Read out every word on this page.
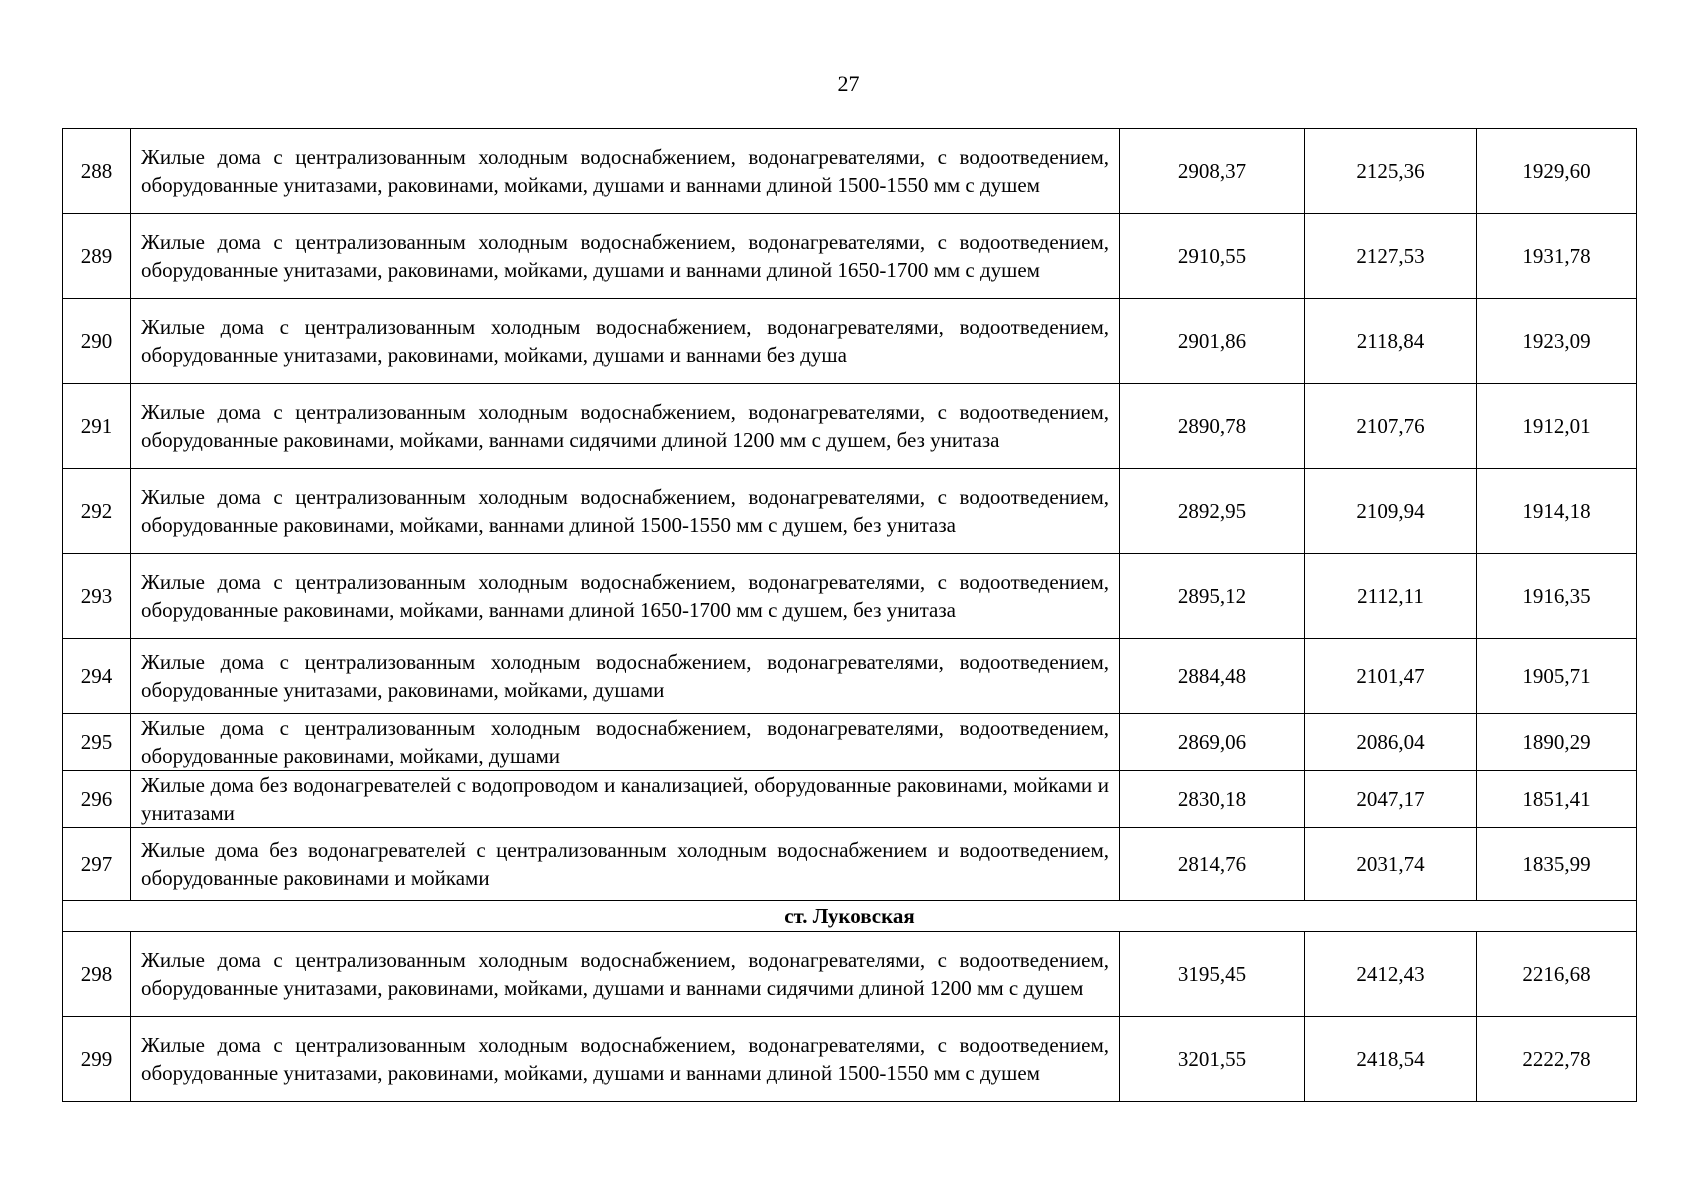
27
288	Жилые дома с централизованным холодным водоснабжением, водонагревателями, с водоотведением, оборудованные унитазами, раковинами, мойками, душами и ваннами длиной 1500-1550 мм с душем	2908,37	2125,36	1929,60
289	Жилые дома с централизованным холодным водоснабжением, водонагревателями, с водоотведением, оборудованные унитазами, раковинами, мойками, душами и ваннами длиной 1650-1700 мм с душем	2910,55	2127,53	1931,78
290	Жилые дома с централизованным холодным водоснабжением, водонагревателями, водоотведением, оборудованные унитазами, раковинами, мойками, душами и ваннами без душа	2901,86	2118,84	1923,09
291	Жилые дома с централизованным холодным водоснабжением, водонагревателями, с водоотведением, оборудованные раковинами, мойками, ваннами сидячими длиной 1200 мм с душем, без унитаза	2890,78	2107,76	1912,01
292	Жилые дома с централизованным холодным водоснабжением, водонагревателями, с водоотведением, оборудованные раковинами, мойками, ваннами длиной 1500-1550 мм с душем, без унитаза	2892,95	2109,94	1914,18
293	Жилые дома с централизованным холодным водоснабжением, водонагревателями, с водоотведением, оборудованные раковинами, мойками, ваннами длиной 1650-1700 мм с душем, без унитаза	2895,12	2112,11	1916,35
294	Жилые дома с централизованным холодным водоснабжением, водонагревателями, водоотведением, оборудованные унитазами, раковинами, мойками, душами	2884,48	2101,47	1905,71
295	Жилые дома с централизованным холодным водоснабжением, водонагревателями, водоотведением, оборудованные раковинами, мойками, душами	2869,06	2086,04	1890,29
296	Жилые дома без водонагревателей с водопроводом и канализацией, оборудованные раковинами, мойками и унитазами	2830,18	2047,17	1851,41
297	Жилые дома без водонагревателей с централизованным холодным водоснабжением и водоотведением, оборудованные раковинами и мойками	2814,76	2031,74	1835,99
ст. Луковская				
298	Жилые дома с централизованным холодным водоснабжением, водонагревателями, с водоотведением, оборудованные унитазами, раковинами, мойками, душами и ваннами сидячими длиной 1200 мм с душем	3195,45	2412,43	2216,68
299	Жилые дома с централизованным холодным водоснабжением, водонагревателями, с водоотведением, оборудованные унитазами, раковинами, мойками, душами и ваннами длиной 1500-1550 мм с душем	3201,55	2418,54	2222,78
